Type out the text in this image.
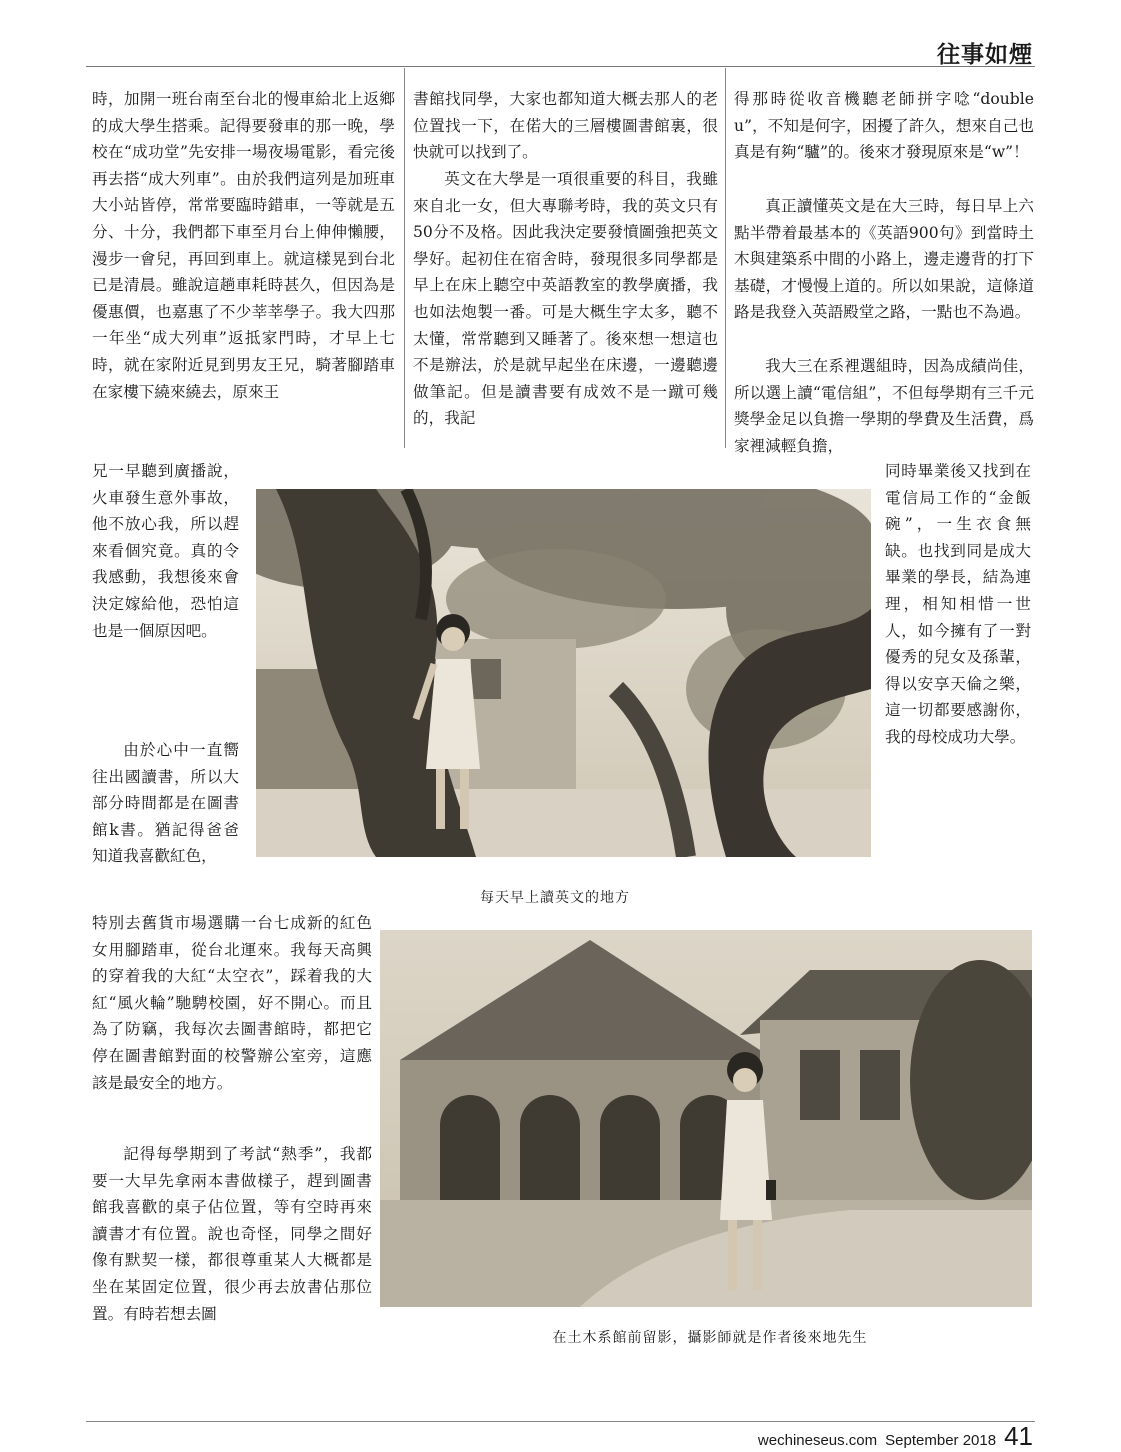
往事如煙

時，加開一班台南至台北的慢車給北上返鄉的成大學生搭乘。記得要發車的那一晚，學校在“成功堂”先安排一場夜場電影，看完後再去搭“成大列車”。由於我們這列是加班車大小站皆停，常常要臨時錯車，一等就是五分、十分，我們都下車至月台上伸伸懶腰，漫步一會兒，再回到車上。就這樣晃到台北已是清晨。雖說這趟車耗時甚久，但因為是優惠價，也嘉惠了不少莘莘學子。我大四那一年坐“成大列車”返抵家門時，才早上七時，就在家附近見到男友王兄，騎著腳踏車在家樓下繞來繞去，原來王

兄一早聽到廣播說，火車發生意外事故，他不放心我，所以趕來看個究竟。真的令我感動，我想後來會決定嫁給他，恐怕這也是一個原因吧。

由於心中一直嚮往出國讀書，所以大部分時間都是在圖書館k書。猶記得爸爸知道我喜歡紅色，

特別去舊貨市場選購一台七成新的紅色女用腳踏車，從台北運來。我每天高興的穿着我的大紅“太空衣”，踩着我的大紅“風火輪”馳騁校園，好不開心。而且為了防竊，我每次去圖書館時，都把它停在圖書館對面的校警辦公室旁，這應該是最安全的地方。

記得每學期到了考試“熱季”，我都要一大早先拿兩本書做樣子，趕到圖書館我喜歡的桌子佔位置，等有空時再來讀書才有位置。說也奇怪，同學之間好像有默契一樣，都很尊重某人大概都是坐在某固定位置，很少再去放書佔那位置。有時若想去圖

書館找同學，大家也都知道大概去那人的老位置找一下，在偌大的三層樓圖書館裏，很快就可以找到了。

英文在大學是一項很重要的科目，我雖來自北一女，但大專聯考時，我的英文只有50分不及格。因此我決定要發憤圖強把英文學好。起初住在宿舍時，發現很多同學都是早上在床上聽空中英語教室的教學廣播，我也如法炮製一番。可是大概生字太多，聽不太懂，常常聽到又睡著了。後來想一想這也不是辦法，於是就早起坐在床邊，一邊聽邊做筆記。但是讀書要有成效不是一蹴可幾的，我記

得那時從收音機聽老師拼字唸“double u”，不知是何字，困擾了許久，想來自己也真是有夠“驢”的。後來才發現原來是“w”！

真正讀懂英文是在大三時，每日早上六點半帶着最基本的《英語900句》到當時土木與建築系中間的小路上，邊走邊背的打下基礎，才慢慢上道的。所以如果說，這條道路是我登入英語殿堂之路，一點也不為過。

我大三在系裡選組時，因為成績尚佳，所以選上讀“電信組”，不但每學期有三千元獎學金足以負擔一學期的學費及生活費，爲家裡減輕負擔，

同時畢業後又找到在電信局工作的“金飯碗”，一生衣食無缺。也找到同是成大畢業的學長，結為連理，相知相惜一世人，如今擁有了一對優秀的兒女及孫輩，得以安享天倫之樂，這一切都要感謝你，我的母校成功大學。

每天早上讀英文的地方
在土木系館前留影，攝影師就是作者後來地先生
wechineseus.com September 2018 41
